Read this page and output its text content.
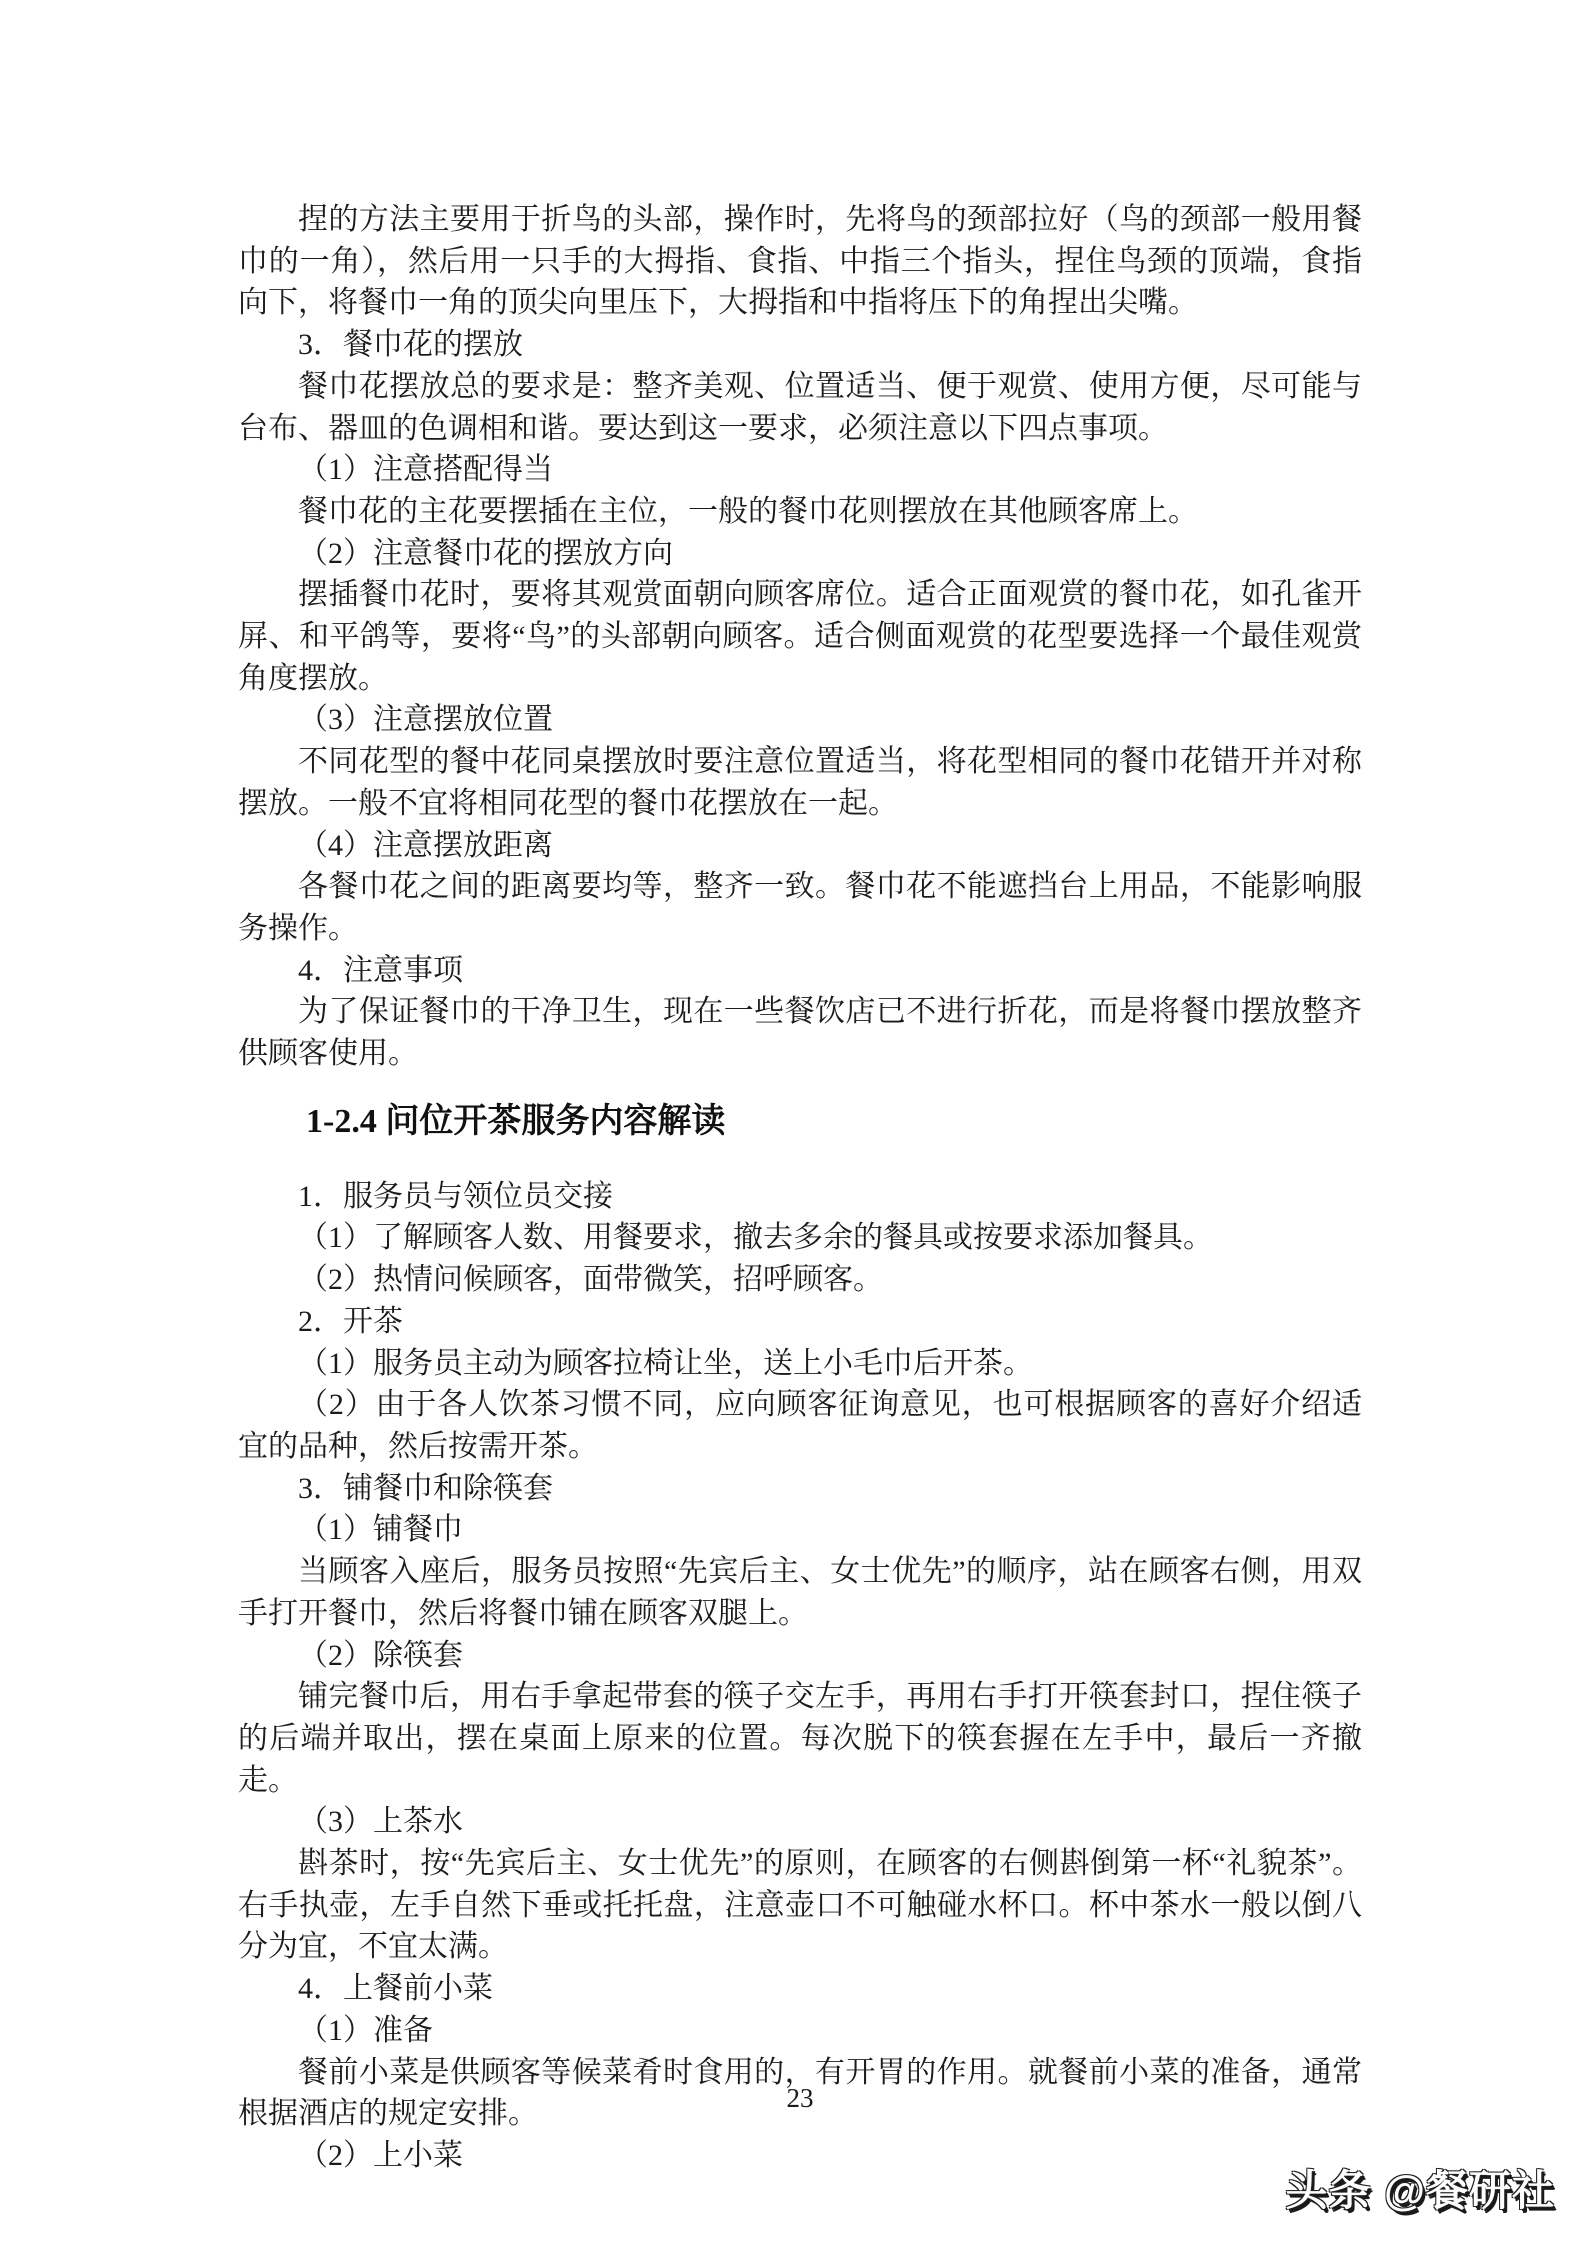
捏的方法主要用于折鸟的头部，操作时，先将鸟的颈部拉好（鸟的颈部一般用餐巾的一角），然后用一只手的大拇指、食指、中指三个指头，捏住鸟颈的顶端，食指向下，将餐巾一角的顶尖向里压下，大拇指和中指将压下的角捏出尖嘴。

3．餐巾花的摆放

餐巾花摆放总的要求是：整齐美观、位置适当、便于观赏、使用方便，尽可能与台布、器皿的色调相和谐。要达到这一要求，必须注意以下四点事项。

（1）注意搭配得当

餐巾花的主花要摆插在主位，一般的餐巾花则摆放在其他顾客席上。

（2）注意餐巾花的摆放方向

摆插餐巾花时，要将其观赏面朝向顾客席位。适合正面观赏的餐巾花，如孔雀开屏、和平鸽等，要将“鸟”的头部朝向顾客。适合侧面观赏的花型要选择一个最佳观赏角度摆放。

（3）注意摆放位置

不同花型的餐中花同桌摆放时要注意位置适当，将花型相同的餐巾花错开并对称摆放。一般不宜将相同花型的餐巾花摆放在一起。

（4）注意摆放距离

各餐巾花之间的距离要均等，整齐一致。餐巾花不能遮挡台上用品，不能影响服务操作。

4．注意事项

为了保证餐巾的干净卫生，现在一些餐饮店已不进行折花，而是将餐巾摆放整齐供顾客使用。

1-2.4 问位开茶服务内容解读

1．服务员与领位员交接

（1）了解顾客人数、用餐要求，撤去多余的餐具或按要求添加餐具。

（2）热情问候顾客，面带微笑，招呼顾客。

2．开茶

（1）服务员主动为顾客拉椅让坐，送上小毛巾后开茶。

（2）由于各人饮茶习惯不同，应向顾客征询意见，也可根据顾客的喜好介绍适宜的品种，然后按需开茶。

3．铺餐巾和除筷套

（1）铺餐巾

当顾客入座后，服务员按照“先宾后主、女士优先”的顺序，站在顾客右侧，用双手打开餐巾，然后将餐巾铺在顾客双腿上。

（2）除筷套

铺完餐巾后，用右手拿起带套的筷子交左手，再用右手打开筷套封口，捏住筷子的后端并取出，摆在桌面上原来的位置。每次脱下的筷套握在左手中，最后一齐撤走。

（3）上茶水

斟茶时，按“先宾后主、女士优先”的原则，在顾客的右侧斟倒第一杯“礼貌茶”。右手执壶，左手自然下垂或托托盘，注意壶口不可触碰水杯口。杯中茶水一般以倒八分为宜，不宜太满。

4．上餐前小菜

（1）准备

餐前小菜是供顾客等候菜肴时食用的，有开胃的作用。就餐前小菜的准备，通常根据酒店的规定安排。

（2）上小菜

23
头条 @餐研社
